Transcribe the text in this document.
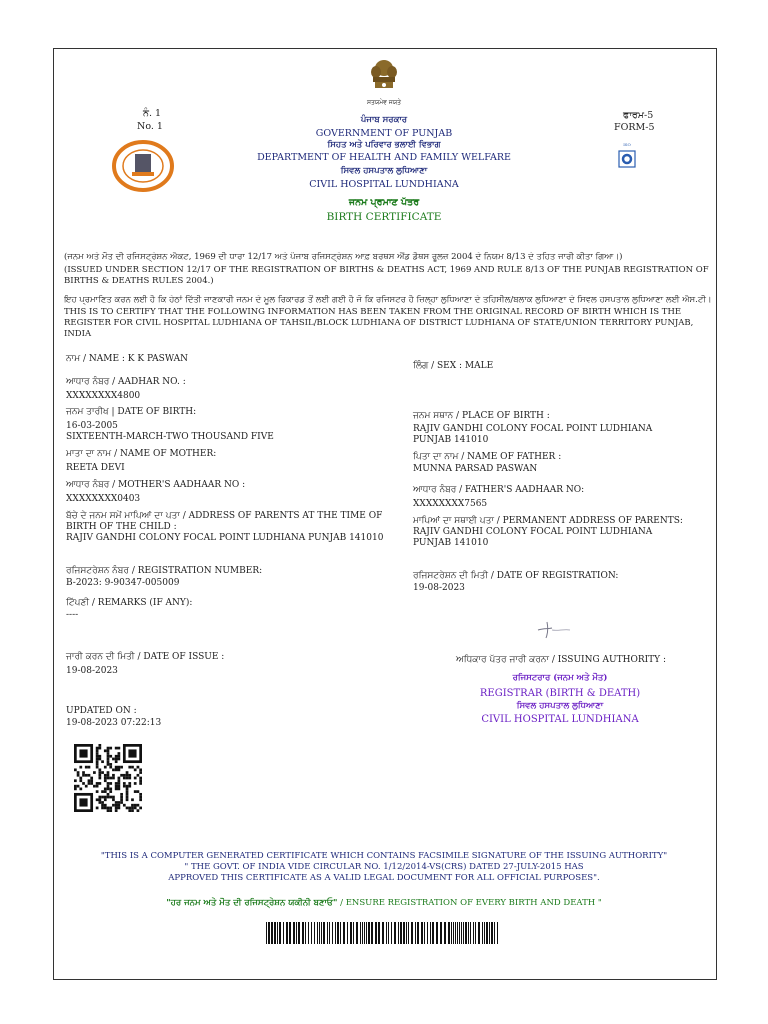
ਸਤਯਮੇਵ ਜਯਤੇ
ਨੰ. 1
No. 1
ਫਾਰਮ-5
FORM-5
ISO
ਪੰਜਾਬ ਸਰਕਾਰ
GOVERNMENT OF PUNJAB
ਸਿਹਤ ਅਤੇ ਪਰਿਵਾਰ ਭਲਾਈ ਵਿਭਾਗ
DEPARTMENT OF HEALTH AND FAMILY WELFARE
ਸਿਵਲ ਹਸਪਤਾਲ ਲੁਧਿਆਣਾ
CIVIL HOSPITAL LUNDHIANA
ਜਨਮ ਪ੍ਰਮਾਣ ਪੱਤਰ
BIRTH CERTIFICATE
(ਜਨਮ ਅਤੇ ਮੌਤ ਦੀ ਰਜਿਸਟ੍ਰੇਸ਼ਨ ਐਕਟ, 1969 ਦੀ ਧਾਰਾ 12/17 ਅਤੇ ਪੰਜਾਬ ਰਜਿਸਟ੍ਰੇਸ਼ਨ ਆਫ਼ ਬਰਥਸ ਐਂਡ ਡੈਥਸ ਰੂਲਜ਼ 2004 ਦੇ ਨਿਯਮ 8/13 ਦੇ ਤਹਿਤ ਜਾਰੀ ਕੀਤਾ ਗਿਆ।)
(ISSUED UNDER SECTION 12/17 OF THE REGISTRATION OF BIRTHS & DEATHS ACT, 1969 AND RULE 8/13 OF THE PUNJAB REGISTRATION OF BIRTHS & DEATHS RULES 2004.)
ਇਹ ਪ੍ਰਮਾਣਿਤ ਕਰਨ ਲਈ ਹੈ ਕਿ ਹੇਠਾਂ ਦਿੱਤੀ ਜਾਣਕਾਰੀ ਜਨਮ ਦੇ ਮੂਲ ਰਿਕਾਰਡ ਤੋਂ ਲਈ ਗਈ ਹੈ ਜੋ ਕਿ ਰਜਿਸਟਰ ਹੈ ਜ਼ਿਲ੍ਹਾ ਲੁਧਿਆਣਾ ਦੇ ਤਹਿਸੀਲ/ਬਲਾਕ ਲੁਧਿਆਣਾ ਦੇ ਸਿਵਲ ਹਸਪਤਾਲ ਲੁਧਿਆਣਾ ਲਈ ਐਸ.ਟੀ।
THIS IS TO CERTIFY THAT THE FOLLOWING INFORMATION HAS BEEN TAKEN FROM THE ORIGINAL RECORD OF BIRTH WHICH IS THE REGISTER FOR CIVIL HOSPITAL LUDHIANA OF TAHSIL/BLOCK LUDHIANA OF DISTRICT LUDHIANA OF STATE/UNION TERRITORY PUNJAB, INDIA
ਨਾਮ / NAME : K K PASWAN
ਆਧਾਰ ਨੰਬਰ / AADHAR NO. :
XXXXXXXX4800
ਜਨਮ ਤਾਰੀਖ | DATE OF BIRTH:
16-03-2005
SIXTEENTH-MARCH-TWO THOUSAND FIVE
ਮਾਤਾ ਦਾ ਨਾਮ / NAME OF MOTHER:
REETA DEVI
ਆਧਾਰ ਨੰਬਰ / MOTHER'S AADHAAR NO :
XXXXXXXX0403
ਬੱਚੇ ਦੇ ਜਨਮ ਸਮੇਂ ਮਾਪਿਆਂ ਦਾ ਪਤਾ / ADDRESS OF PARENTS AT THE TIME OF BIRTH OF THE CHILD :
RAJIV GANDHI COLONY FOCAL POINT LUDHIANA PUNJAB 141010
ਰਜਿਸਟਰੇਸ਼ਨ ਨੰਬਰ / REGISTRATION NUMBER:
B-2023: 9-90347-005009
ਟਿੱਪਣੀ / REMARKS (IF ANY):
----
ਜਾਰੀ ਕਰਨ ਦੀ ਮਿਤੀ / DATE OF ISSUE :
19-08-2023
UPDATED ON :
19-08-2023 07:22:13
ਲਿੰਗ / SEX : MALE
ਜਨਮ ਸਥਾਨ / PLACE OF BIRTH :
RAJIV GANDHI COLONY FOCAL POINT LUDHIANA PUNJAB 141010
ਪਿਤਾ ਦਾ ਨਾਮ / NAME OF FATHER :
MUNNA PARSAD PASWAN
ਆਧਾਰ ਨੰਬਰ / FATHER'S AADHAAR NO:
XXXXXXXX7565
ਮਾਪਿਆਂ ਦਾ ਸਥਾਈ ਪਤਾ / PERMANENT ADDRESS OF PARENTS:
RAJIV GANDHI COLONY FOCAL POINT LUDHIANA PUNJAB 141010
ਰਜਿਸਟਰੇਸ਼ਨ ਦੀ ਮਿਤੀ / DATE OF REGISTRATION:
19-08-2023
ਅਧਿਕਾਰ ਪੱਤਰ ਜਾਰੀ ਕਰਨਾ / ISSUING AUTHORITY :
ਰਜਿਸਟਰਾਰ (ਜਨਮ ਅਤੇ ਮੌਤ)
REGISTRAR (BIRTH & DEATH)
ਸਿਵਲ ਹਸਪਤਾਲ ਲੁਧਿਆਣਾ
CIVIL HOSPITAL LUNDHIANA
"THIS IS A COMPUTER GENERATED CERTIFICATE WHICH CONTAINS FACSIMILE SIGNATURE OF THE ISSUING AUTHORITY"
" THE GOVT. OF INDIA VIDE CIRCULAR NO. 1/12/2014-VS(CRS) DATED 27-JULY-2015 HAS
APPROVED THIS CERTIFICATE AS A VALID LEGAL DOCUMENT FOR ALL OFFICIAL PURPOSES".
"ਹਰ ਜਨਮ ਅਤੇ ਮੌਤ ਦੀ ਰਜਿਸਟ੍ਰੇਸ਼ਨ ਯਕੀਨੀ ਬਣਾਓ" / ENSURE REGISTRATION OF EVERY BIRTH AND DEATH "
